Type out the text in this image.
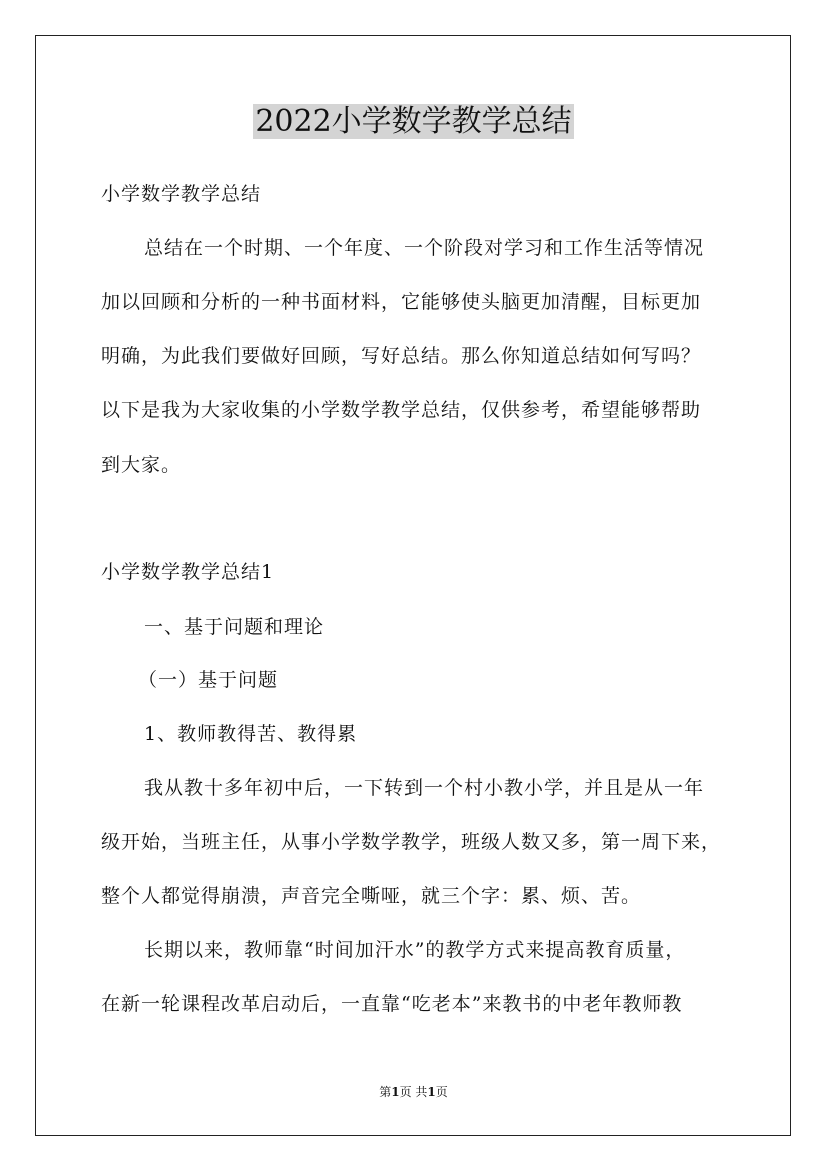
2022小学数学教学总结
小学数学教学总结
总结在一个时期、一个年度、一个阶段对学习和工作生活等情况
加以回顾和分析的一种书面材料，它能够使头脑更加清醒，目标更加
明确，为此我们要做好回顾，写好总结。那么你知道总结如何写吗？
以下是我为大家收集的小学数学教学总结，仅供参考，希望能够帮助
到大家。
小学数学教学总结1
一、基于问题和理论
（一）基于问题
1、教师教得苦、教得累
我从教十多年初中后，一下转到一个村小教小学，并且是从一年
级开始，当班主任，从事小学数学教学，班级人数又多，第一周下来，
整个人都觉得崩溃，声音完全嘶哑，就三个字：累、烦、苦。
长期以来，教师靠“时间加汗水”的教学方式来提高教育质量，
在新一轮课程改革启动后，一直靠“吃老本”来教书的中老年教师教
第1页 共1页
